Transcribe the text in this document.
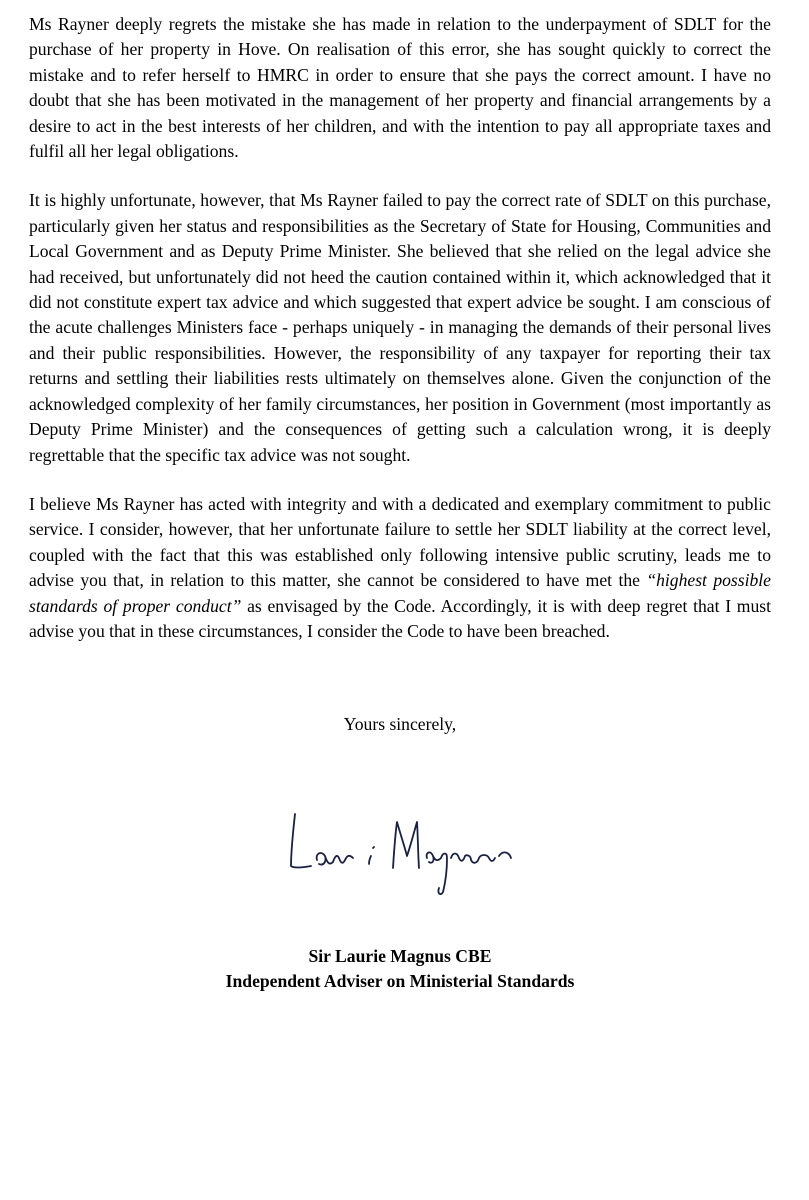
Ms Rayner deeply regrets the mistake she has made in relation to the underpayment of SDLT for the purchase of her property in Hove. On realisation of this error, she has sought quickly to correct the mistake and to refer herself to HMRC in order to ensure that she pays the correct amount. I have no doubt that she has been motivated in the management of her property and financial arrangements by a desire to act in the best interests of her children, and with the intention to pay all appropriate taxes and fulfil all her legal obligations.

It is highly unfortunate, however, that Ms Rayner failed to pay the correct rate of SDLT on this purchase, particularly given her status and responsibilities as the Secretary of State for Housing, Communities and Local Government and as Deputy Prime Minister. She believed that she relied on the legal advice she had received, but unfortunately did not heed the caution contained within it, which acknowledged that it did not constitute expert tax advice and which suggested that expert advice be sought. I am conscious of the acute challenges Ministers face - perhaps uniquely - in managing the demands of their personal lives and their public responsibilities. However, the responsibility of any taxpayer for reporting their tax returns and settling their liabilities rests ultimately on themselves alone. Given the conjunction of the acknowledged complexity of her family circumstances, her position in Government (most importantly as Deputy Prime Minister) and the consequences of getting such a calculation wrong, it is deeply regrettable that the specific tax advice was not sought.

I believe Ms Rayner has acted with integrity and with a dedicated and exemplary commitment to public service. I consider, however, that her unfortunate failure to settle her SDLT liability at the correct level, coupled with the fact that this was established only following intensive public scrutiny, leads me to advise you that, in relation to this matter, she cannot be considered to have met the “highest possible standards of proper conduct” as envisaged by the Code. Accordingly, it is with deep regret that I must advise you that in these circumstances, I consider the Code to have been breached.

Yours sincerely,
Sir Laurie Magnus CBE
Independent Adviser on Ministerial Standards
